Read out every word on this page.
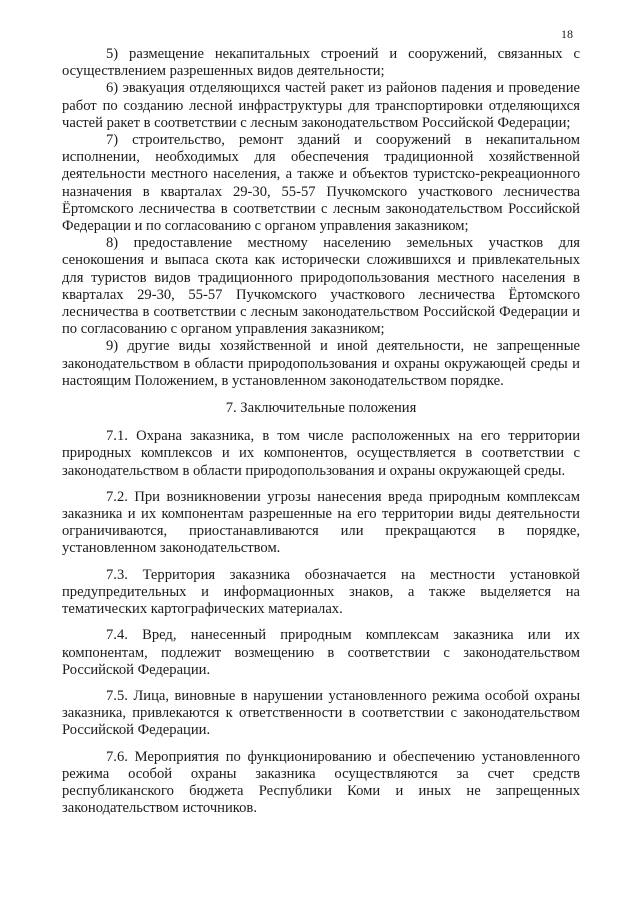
18

5) размещение некапитальных строений и сооружений, связанных с осуществлением разрешенных видов деятельности;

6) эвакуация отделяющихся частей ракет из районов падения и проведение работ по созданию лесной инфраструктуры для транспортировки отделяющихся частей ракет в соответствии с лесным законодательством Российской Федерации;

7) строительство, ремонт зданий и сооружений в некапитальном исполнении, необходимых для обеспечения традиционной хозяйственной деятельности местного населения, а также и объектов туристско-рекреационного назначения в кварталах 29-30, 55-57 Пучкомского участкового лесничества Ёртомского лесничества в соответствии с лесным законодательством Российской Федерации и по согласованию с органом управления заказником;

8) предоставление местному населению земельных участков для сенокошения и выпаса скота как исторически сложившихся и привлекательных для туристов видов традиционного природопользования местного населения в кварталах 29-30, 55-57 Пучкомского участкового лесничества Ёртомского лесничества в соответствии с лесным законодательством Российской Федерации и по согласованию с органом управления заказником;

9) другие виды хозяйственной и иной деятельности, не запрещенные законодательством в области природопользования и охраны окружающей среды и настоящим Положением, в установленном законодательством порядке.

7. Заключительные положения

7.1. Охрана заказника, в том числе расположенных на его территории природных комплексов и их компонентов, осуществляется в соответствии с законодательством в области природопользования и охраны окружающей среды.

7.2. При возникновении угрозы нанесения вреда природным комплексам заказника и их компонентам разрешенные на его территории виды деятельности ограничиваются, приостанавливаются или прекращаются в порядке, установленном законодательством.

7.3. Территория заказника обозначается на местности установкой предупредительных и информационных знаков, а также выделяется на тематических картографических материалах.

7.4. Вред, нанесенный природным комплексам заказника или их компонентам, подлежит возмещению в соответствии с законодательством Российской Федерации.

7.5. Лица, виновные в нарушении установленного режима особой охраны заказника, привлекаются к ответственности в соответствии с законодательством Российской Федерации.

7.6. Мероприятия по функционированию и обеспечению установленного режима особой охраны заказника осуществляются за счет средств республиканского бюджета Республики Коми и иных не запрещенных законодательством источников.
